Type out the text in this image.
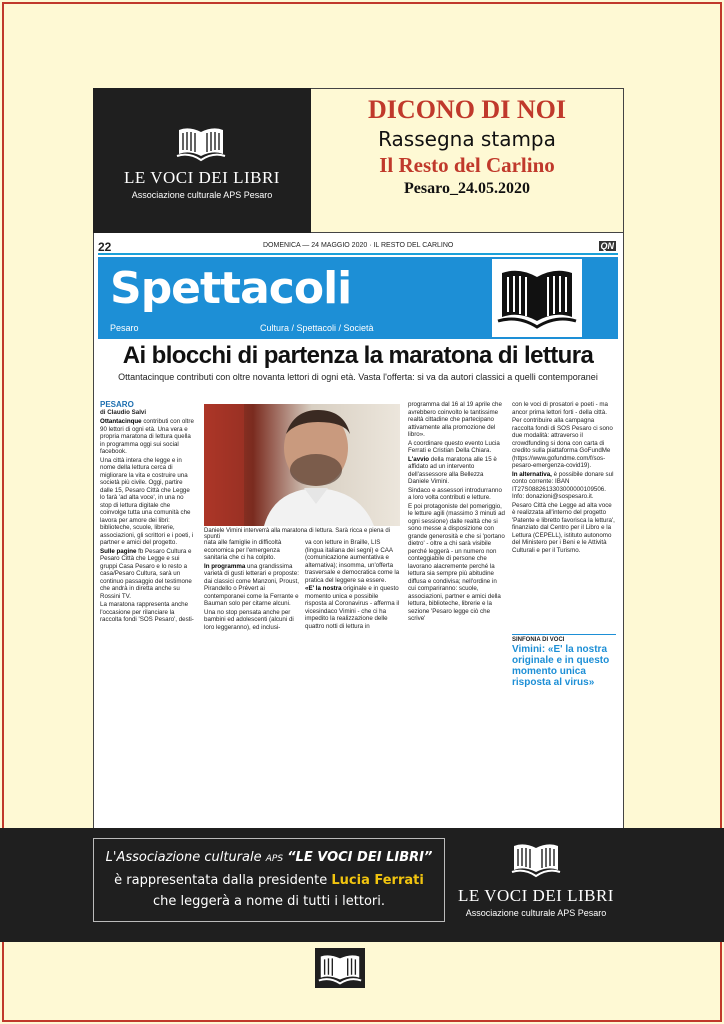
LE VOCI DEI LIBRI
Associazione culturale APS Pesaro
DICONO DI NOI
Rassegna stampa
Il Resto del Carlino
Pesaro_24.05.2020
22	DOMENICA — 24 MAGGIO 2020 · IL RESTO DEL CARLINO	QN
Spettacoli
Pesaro	Cultura / Spettacoli / Società
Ai blocchi di partenza la maratona di lettura
Ottantacinque contributi con oltre novanta lettori di ogni età. Vasta l'offerta: si va da autori classici a quelli contemporanei
PESARO
di Claudio Salvi

Ottantacinque contributi con oltre 90 lettori di ogni età. Una vera e propria maratona di lettura quella in programma oggi sui social facebook.

Una città intera che legge e in nome della lettura cerca di migliorare la vita e costruire una società più civile. Oggi, partire dalle 15, Pesaro Città che Legge lo farà 'ad alta voce', in una no stop di lettura digitale che coinvolge tutta una comunità che lavora per amore dei libri: biblioteche, scuole, librerie, associazioni, gli scrittori e i poeti, i partner e amici del progetto.

Sulle pagine fb Pesaro Cultura e Pesaro Città che Legge e sui gruppi Casa Pesaro e lo resto a casa/Pesaro Cultura, sarà un continuo passaggio del testimone che andrà in diretta anche su Rossini TV.

La maratona rappresenta anche l'occasione per rilanciare la raccolta fondi 'SOS Pesaro', desti-

Daniele Vimini interverrà alla maratona di lettura. Sarà ricca e piena di spunti

nata alle famiglie in difficoltà economica per l'emergenza sanitaria che ci ha colpito.

In programma una grandissima varietà di gusti letterari e proposte: dai classici come Manzoni, Proust, Pirandello o Prévert ai contemporanei come la Ferrante e Bauman solo per citarne alcuni.

Una no stop pensata anche per bambini ed adolescenti (alcuni di loro leggeranno), ed inclusi-

va con letture in Braille, LIS (lingua italiana dei segni) e CAA (comunicazione aumentativa e alternativa); insomma, un'offerta trasversale e democratica come la pratica del leggere sa essere.

«E' la nostra originale e in questo momento unica e possibile risposta al Coronavirus - afferma il vicesindaco Vimini - che ci ha impedito la realizzazione delle quattro notti di lettura in

programma dal 16 al 19 aprile che avrebbero coinvolto le tantissime realtà cittadine che partecipano attivamente alla promozione del libro».

A coordinare questo evento Lucia Ferrati e Cristian Della Chiara.

L'avvio della maratona alle 15 è affidato ad un intervento dell'assessore alla Bellezza Daniele Vimini.

Sindaco e assessori introdurranno a loro volta contributi e letture.

E poi protagoniste del pomeriggio, le letture agili (massimo 3 minuti ad ogni sessione) dalle realtà che si sono messe a disposizione con grande generosità e che si 'portano dietro' - oltre a chi sarà visibile perché leggerà - un numero non conteggiabile di persone che lavorano alacremente perché la lettura sia sempre più abitudine diffusa e condivisa; nell'ordine in cui compariranno: scuole, associazioni, partner e amici della lettura, biblioteche, librerie e la sezione 'Pesaro legge ciò che scrive'

con le voci di prosatori e poeti - ma ancor prima lettori forti - della città.

Per contribuire alla campagna raccolta fondi di SOS Pesaro ci sono due modalità: attraverso il crowdfunding si dona con carta di credito sulla piattaforma GoFundMe (https://www.gofundme.com/f/sos-pesaro-emergenza-covid19).

In alternativa, è possibile donare sul conto corrente: IBAN IT27S0882613303000000109506. Info: donazioni@sospesaro.it.

Pesaro Città che Legge ad alta voce è realizzata all'interno del progetto 'Patente e libretto favorisca la lettura', finanziato dal Centro per il Libro e la Lettura (CEPELL), istituto autonomo del Ministero per i Beni e le Attività Culturali e per il Turismo.

SINFONIA DI VOCI
Vimini: «E' la nostra originale e in questo momento unica risposta al virus»
L'Associazione culturale APS “LE VOCI DEI LIBRI”
è rappresentata dalla presidente Lucia Ferrati
che leggerà a nome di tutti i lettori.	LE VOCI DEI LIBRI
Associazione culturale APS Pesaro
